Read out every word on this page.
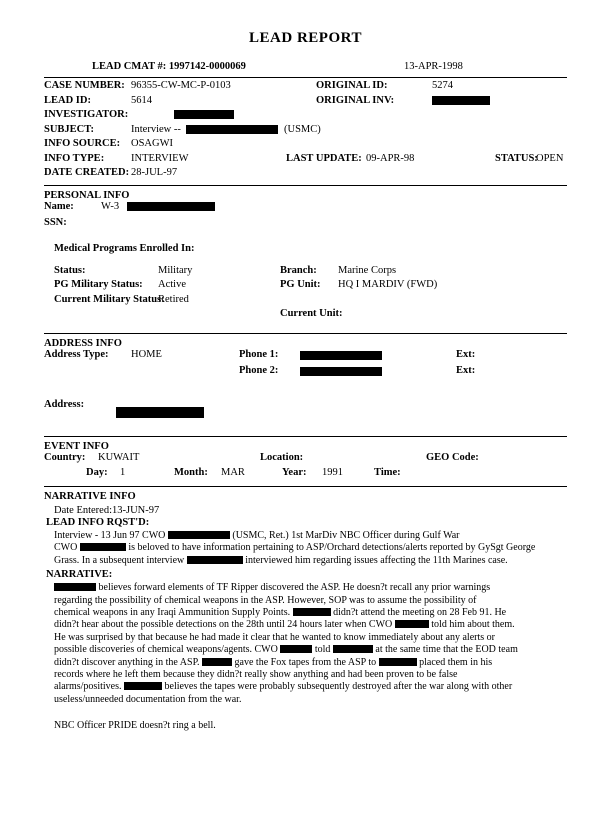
LEAD REPORT
LEAD CMAT #: 1997142-0000069	13-APR-1998
CASE NUMBER: 96355-CW-MC-P-0103	ORIGINAL ID:	5274
LEAD ID:	5614	ORIGINAL INV:
INVESTIGATOR:
SUBJECT:	Interview --	(USMC)
INFO SOURCE: OSAGWI
INFO TYPE:	INTERVIEW	LAST UPDATE: 09-APR-98	STATUS:
OPEN
DATE CREATED: 28-JUL-97
PERSONAL INFO
Name:	W-3
SSN:
Medical Programs Enrolled In:
Status:	Military	Branch: Marine Corps
PG Military Status: Active	PG Unit: HQ I MARDIV (FWD)
Current Military Status:
Retired
Current Unit:
ADDRESS INFO
Address Type: HOME	Phone 1:	Ext:
Phone 2:	Ext:
Address:
EVENT INFO
Country: KUWAIT	Location:	GEO Code:
Day: 1	Month: MAR	Year: 1991	Time:
NARRATIVE INFO
Date Entered:13-JUN-97
LEAD INFO RQST'D:
Interview - 13 Jun 97 CWO	(USMC, Ret.) 1st MarDiv NBC Officer during Gulf War
CWO	is beloved to have information pertaining to ASP/Orchard detections/alerts reported by GySgt George
Grass. In a subsequent interview	interviewed him regarding issues affecting the 11th Marines case.
NARRATIVE:
believes forward elements of TF Ripper discovered the ASP. He doesn?t recall any prior warnings
regarding the possibility of chemical weapons in the ASP. However, SOP was to assume the possibility of
chemical weapons in any Iraqi Ammunition Supply Points.	didn?t attend the meeting on 28 Feb 91. He
didn?t hear about the possible detections on the 28th until 24 hours later when CWO	told him about them.
He was surprised by that because he had made it clear that he wanted to know immediately about any alerts or
possible discoveries of chemical weapons/agents. CWO	told	at the same time that the EOD team
didn?t discover anything in the ASP.	gave the Fox tapes from the ASP to	placed them in his
records where he left them because they didn?t really show anything and had been proven to be false
alarms/positives.	believes the tapes were probably subsequently destroyed after the war along with other
useless/unneeded documentation from the war.
NBC Officer PRIDE doesn?t ring a bell.
